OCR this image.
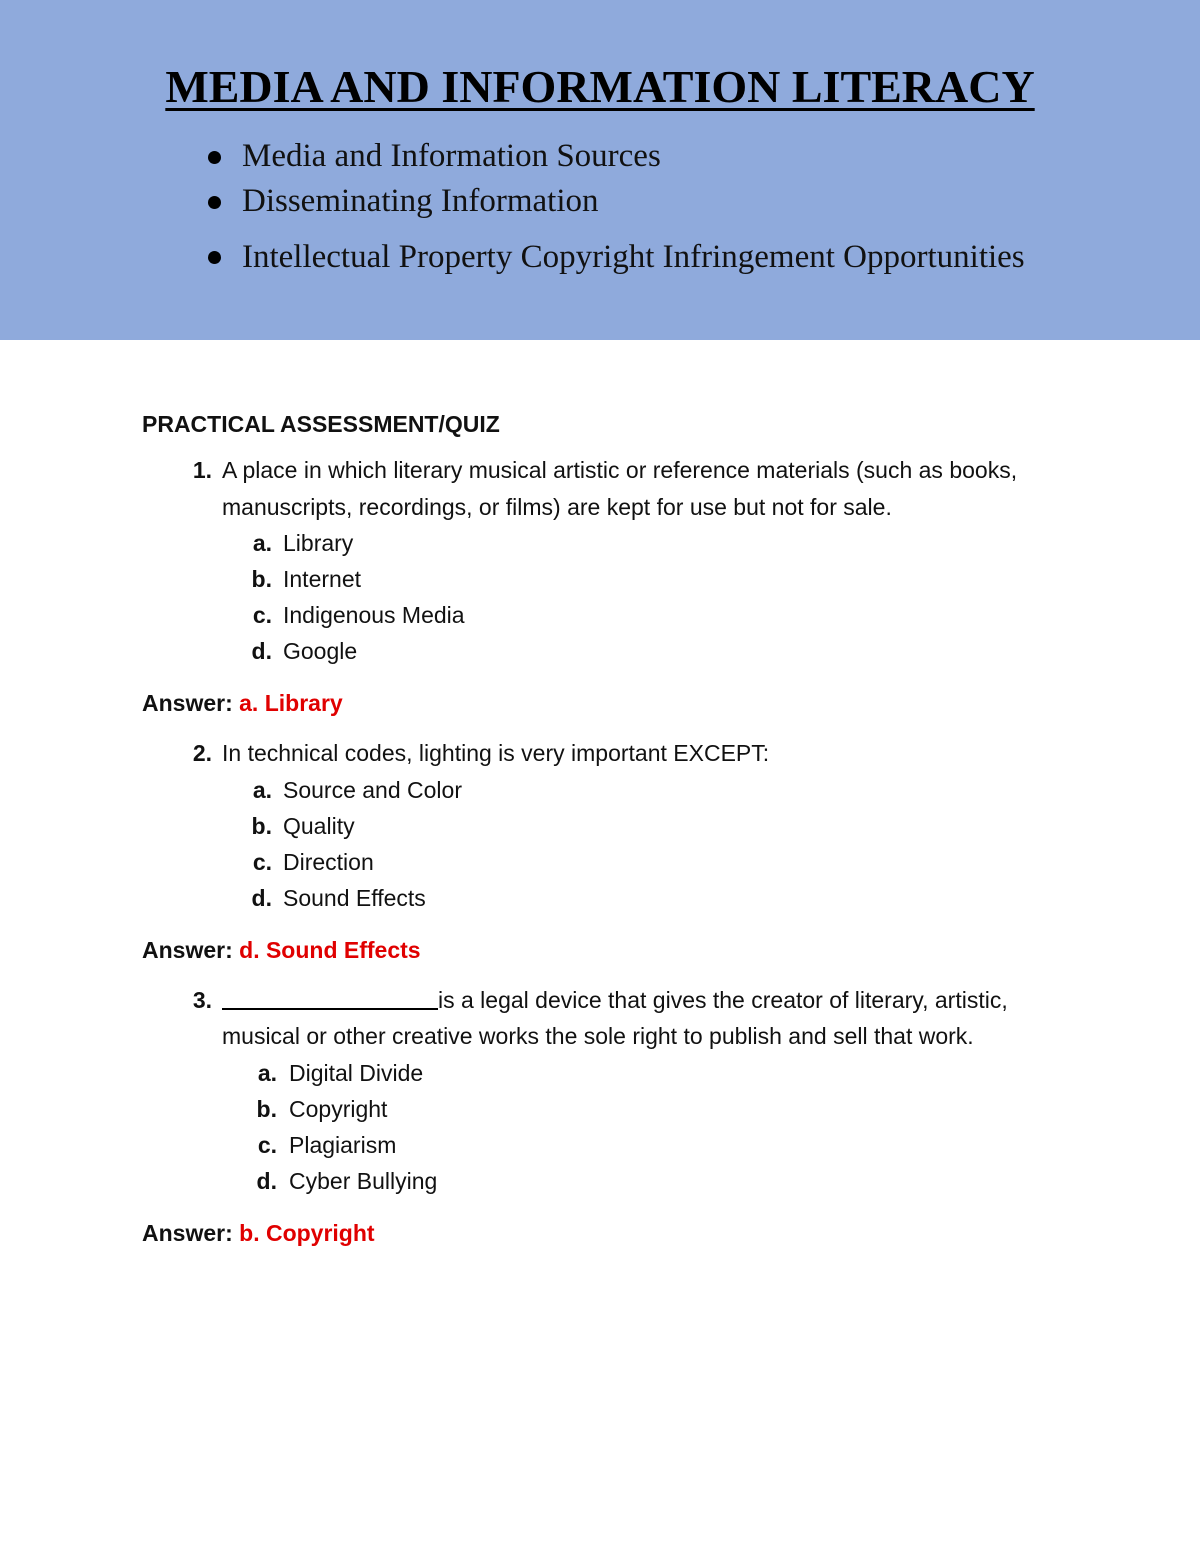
MEDIA AND INFORMATION LITERACY
Media and Information Sources
Disseminating Information
Intellectual Property Copyright Infringement Opportunities
PRACTICAL ASSESSMENT/QUIZ
1. A place in which literary musical artistic or reference materials (such as books, manuscripts, recordings, or films) are kept for use but not for sale.
a. Library
b. Internet
c. Indigenous Media
d. Google
Answer: a. Library
2. In technical codes, lighting is very important EXCEPT:
a. Source and Color
b. Quality
c. Direction
d. Sound Effects
Answer: d. Sound Effects
3.	is a legal device that gives the creator of literary, artistic, musical or other creative works the sole right to publish and sell that work.
a. Digital Divide
b. Copyright
c. Plagiarism
d. Cyber Bullying
Answer: b. Copyright
